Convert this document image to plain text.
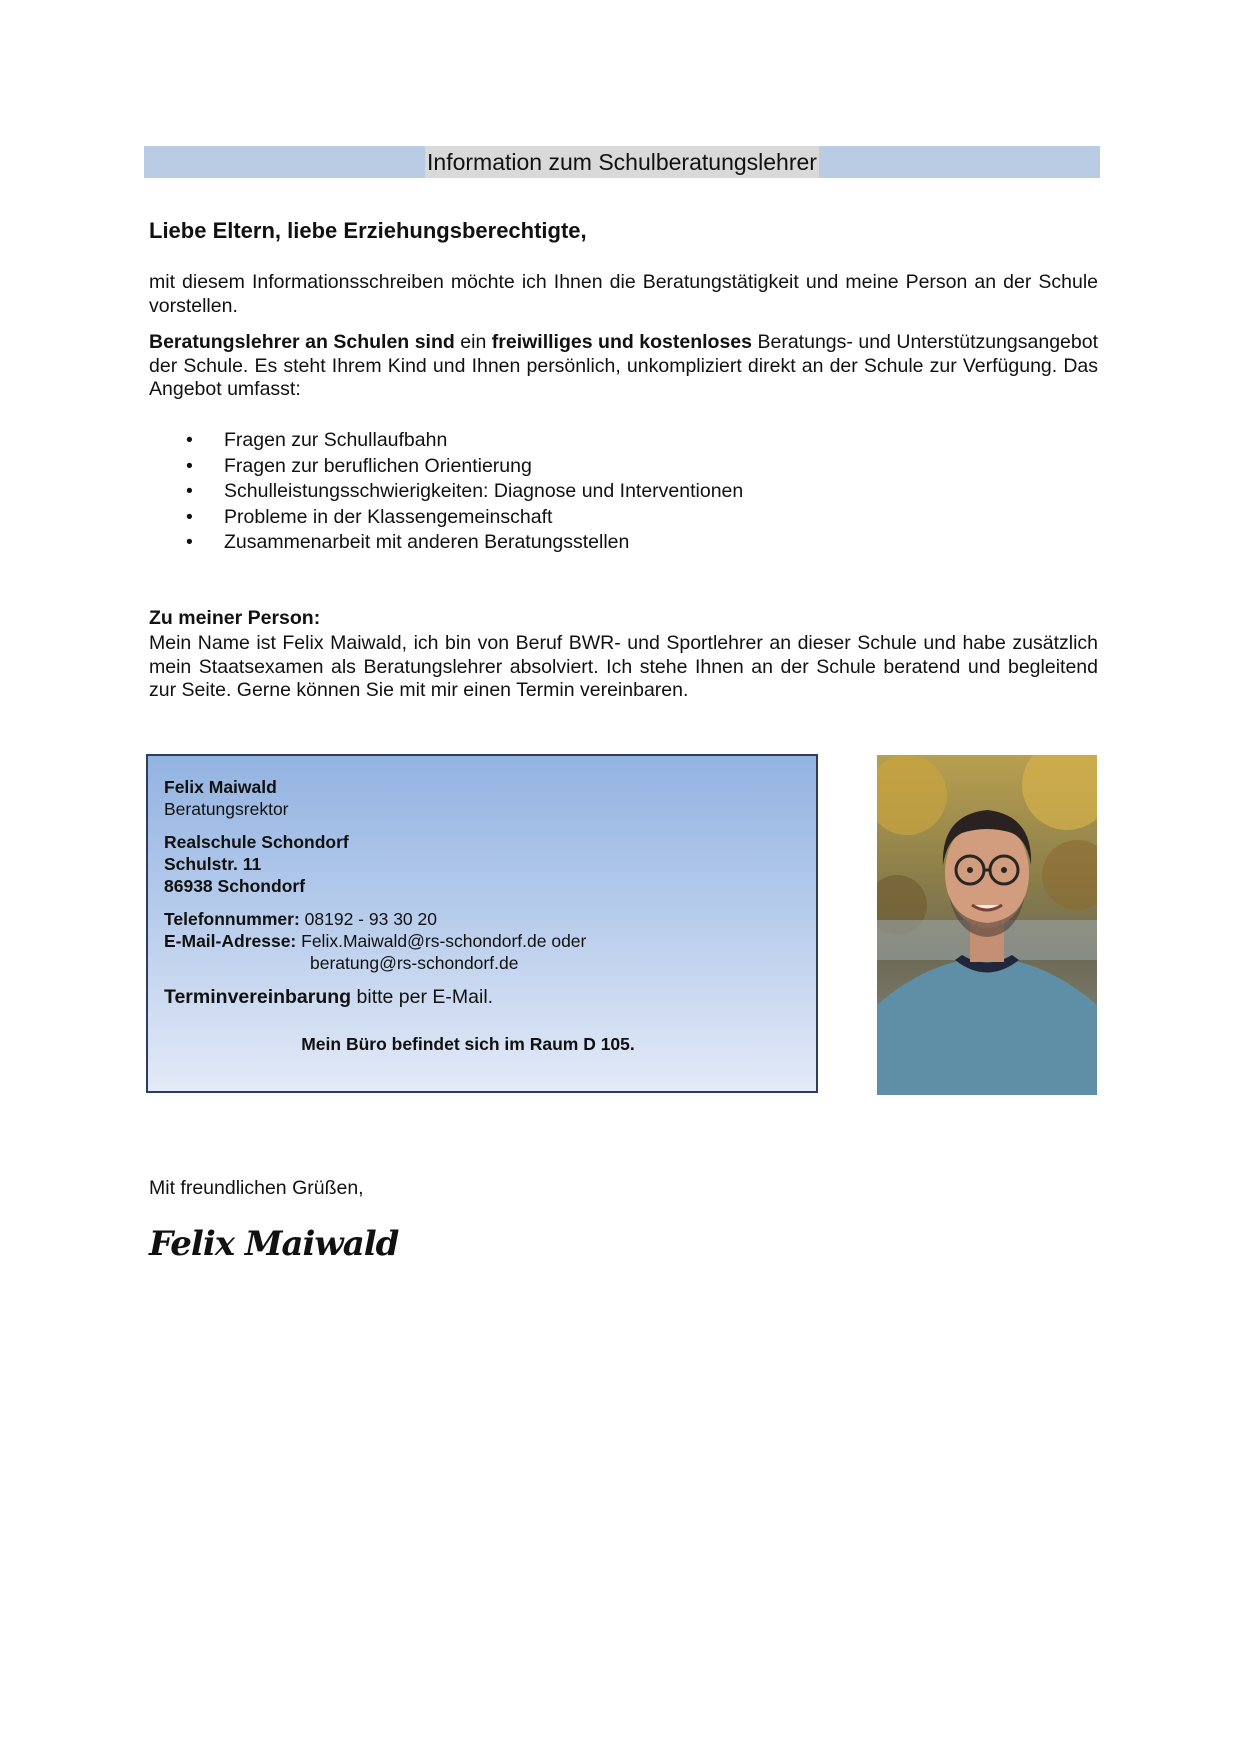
Information zum Schulberatungslehrer
Liebe Eltern, liebe Erziehungsberechtigte,

mit diesem Informationsschreiben möchte ich Ihnen die Beratungstätigkeit und meine Person an der Schule vorstellen.

Beratungslehrer an Schulen sind ein freiwilliges und kostenloses Beratungs- und Unterstützungsangebot der Schule. Es steht Ihrem Kind und Ihnen persönlich, unkompliziert direkt an der Schule zur Verfügung. Das Angebot umfasst:

• Fragen zur Schullaufbahn
• Fragen zur beruflichen Orientierung
• Schulleistungsschwierigkeiten: Diagnose und Interventionen
• Probleme in der Klassengemeinschaft
• Zusammenarbeit mit anderen Beratungsstellen
Zu meiner Person:

Mein Name ist Felix Maiwald, ich bin von Beruf BWR- und Sportlehrer an dieser Schule und habe zusätzlich mein Staatsexamen als Beratungslehrer absolviert. Ich stehe Ihnen an der Schule beratend und begleitend zur Seite. Gerne können Sie mit mir einen Termin vereinbaren.

Felix Maiwald
Beratungsrektor
Realschule Schondorf
Schulstr. 11
86938 Schondorf
Telefonnummer: 08192 - 93 30 20
E-Mail-Adresse: Felix.Maiwald@rs-schondorf.de oder
beratung@rs-schondorf.de
Terminvereinbarung bitte per E-Mail.
Mein Büro befindet sich im Raum D 105.
Mit freundlichen Grüßen,
Felix Maiwald
